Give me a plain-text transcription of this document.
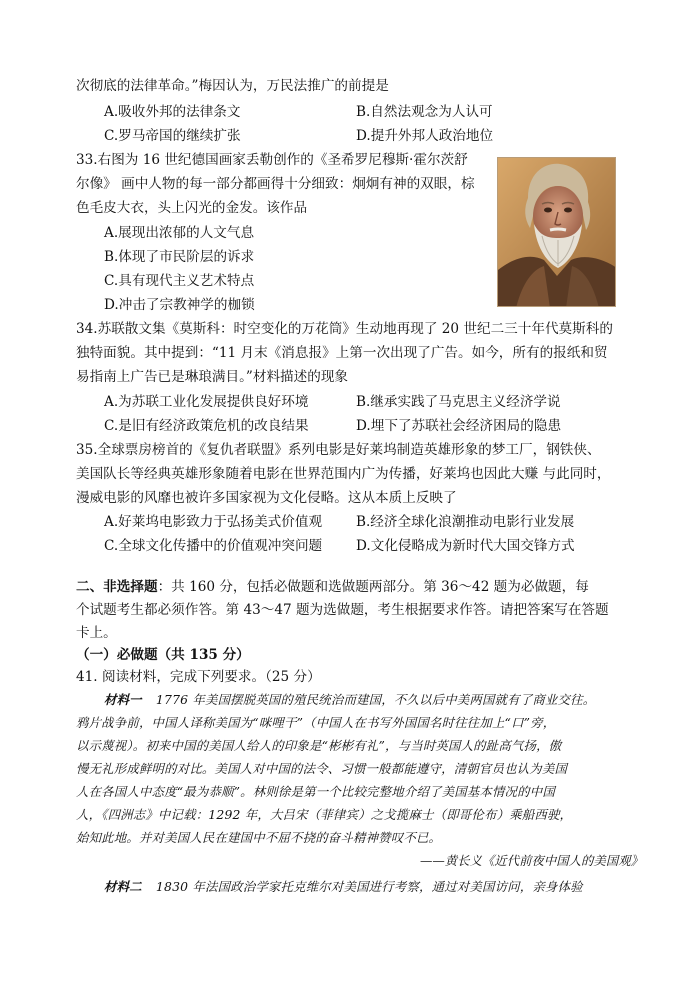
次彻底的法律革命。”梅因认为，万民法推广的前提是
A.吸收外邦的法律条文	B.自然法观念为人认可
C.罗马帝国的继续扩张	D.提升外邦人政治地位
33.右图为 16 世纪德国画家丢勒创作的《圣希罗尼穆斯·霍尔茨舒
尔像》 画中人物的每一部分都画得十分细致：炯炯有神的双眼，棕
色毛皮大衣，头上闪光的金发。该作品
A.展现出浓郁的人文气息
B.体现了市民阶层的诉求
C.具有现代主义艺术特点
D.冲击了宗教神学的枷锁
34.苏联散文集《莫斯科：时空变化的万花筒》生动地再现了 20 世纪二三十年代莫斯科的
独特面貌。其中提到：“11 月末《消息报》上第一次出现了广告。如今，所有的报纸和贸
易指南上广告已是琳琅满目。”材料描述的现象
A.为苏联工业化发展提供良好环境	B.继承实践了马克思主义经济学说
C.是旧有经济政策危机的改良结果	D.埋下了苏联社会经济困局的隐患
35.全球票房榜首的《复仇者联盟》系列电影是好莱坞制造英雄形象的梦工厂，钢铁侠、
美国队长等经典英雄形象随着电影在世界范围内广为传播，好莱坞也因此大赚 与此同时，
漫威电影的风靡也被许多国家视为文化侵略。这从本质上反映了
A.好莱坞电影致力于弘扬美式价值观 B.经济全球化浪潮推动电影行业发展
C.全球文化传播中的价值观冲突问题 D.文化侵略成为新时代大国交锋方式
二、非选择题：共 160 分，包括必做题和选做题两部分。第 36～42 题为必做题，每
个试题考生都必须作答。第 43～47 题为选做题，考生根据要求作答。请把答案写在答题
卡上。
（一）必做题（共 135 分）
41. 阅读材料，完成下列要求。（25 分）
材料一 1776 年美国摆脱英国的殖民统治而建国，不久以后中美两国就有了商业交往。
鸦片战争前，中国人译称美国为“咪哩干”（中国人在书写外国国名时往往加上“口”旁，
以示蔑视）。初来中国的美国人给人的印象是“彬彬有礼”，与当时英国人的趾高气扬，傲
慢无礼形成鲜明的对比。美国人对中国的法令、习惯一般都能遵守，清朝官员也认为美国
人在各国人中态度“最为恭顺”。林则徐是第一个比较完整地介绍了美国基本情况的中国
人，《四洲志》中记载：1292 年，大吕宋（菲律宾）之戈揽麻士（即哥伦布）乘船西驶，
始知此地。并对美国人民在建国中不屈不挠的奋斗精神赞叹不已。
——黄长义《近代前夜中国人的美国观》
材料二 1830 年法国政治学家托克维尔对美国进行考察，通过对美国访问，亲身体验
